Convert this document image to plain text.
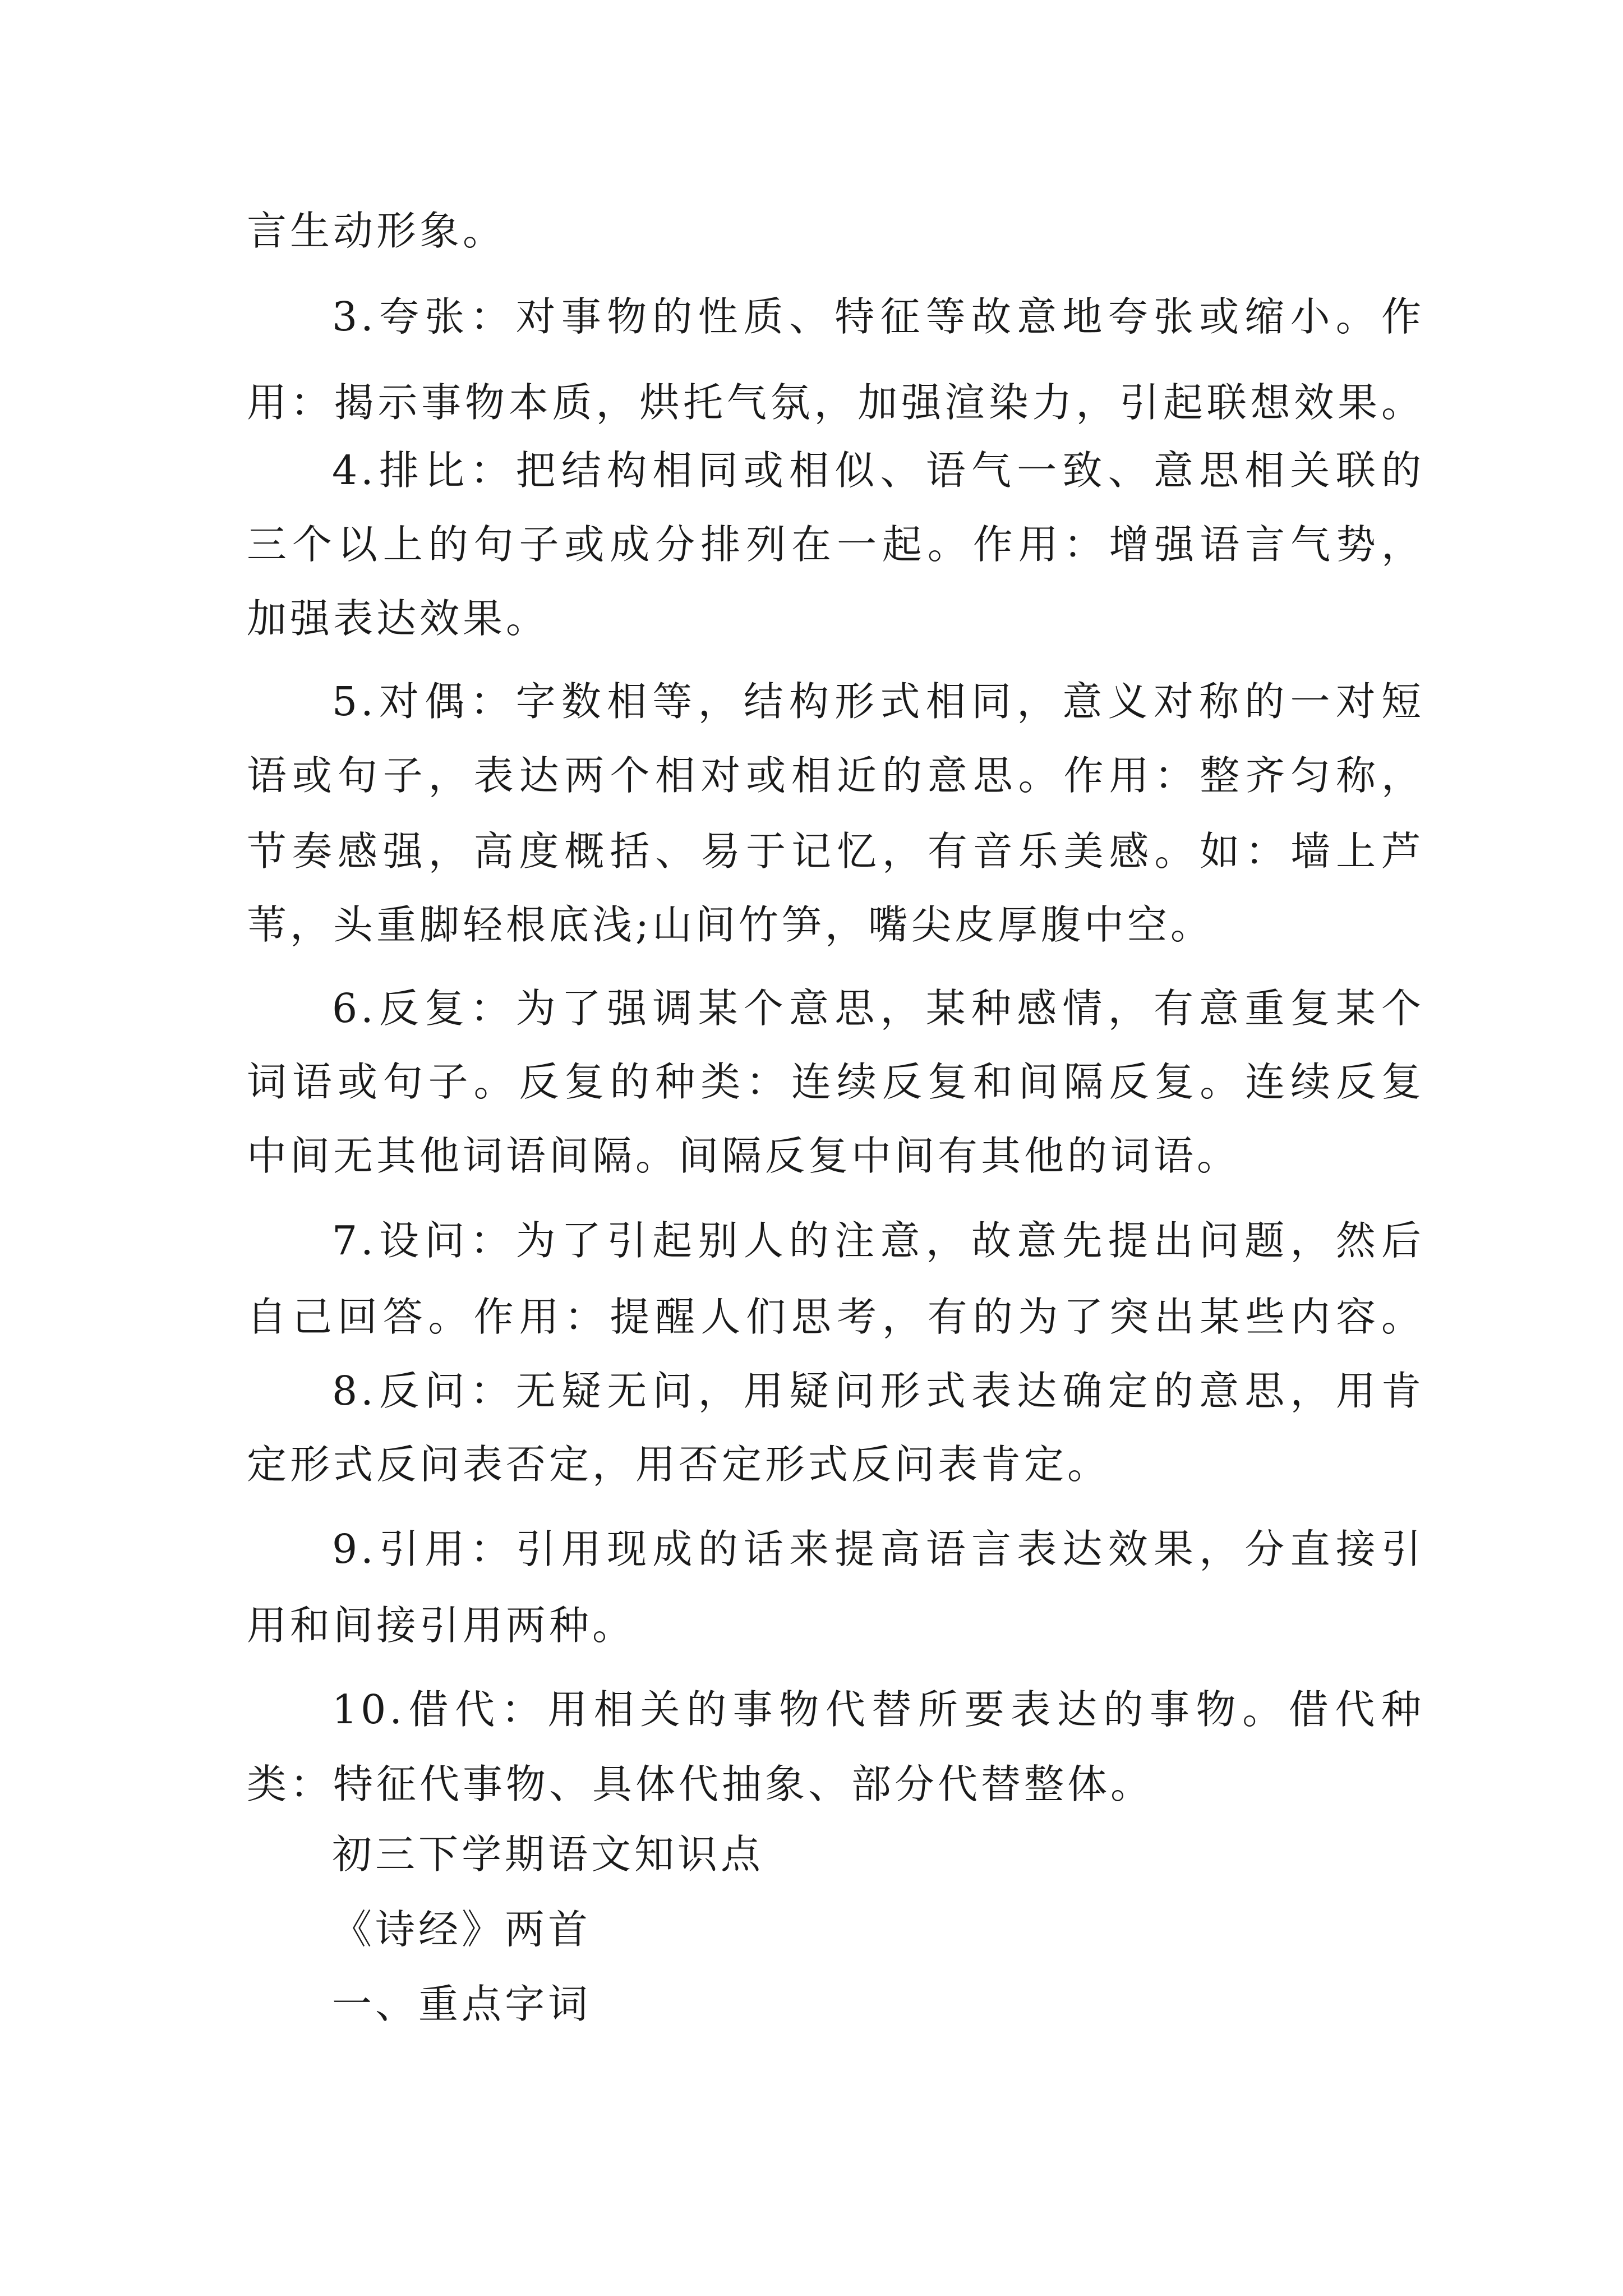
言生动形象。
3.夸张：对事物的性质、特征等故意地夸张或缩小。作
用：揭示事物本质，烘托气氛，加强渲染力，引起联想效果。
4.排比：把结构相同或相似、语气一致、意思相关联的
三个以上的句子或成分排列在一起。作用：增强语言气势，
加强表达效果。
5.对偶：字数相等，结构形式相同，意义对称的一对短
语或句子，表达两个相对或相近的意思。作用：整齐匀称，
节奏感强，高度概括、易于记忆，有音乐美感。如：墙上芦
苇，头重脚轻根底浅;山间竹笋，嘴尖皮厚腹中空。
6.反复：为了强调某个意思，某种感情，有意重复某个
词语或句子。反复的种类：连续反复和间隔反复。连续反复
中间无其他词语间隔。间隔反复中间有其他的词语。
7.设问：为了引起别人的注意，故意先提出问题，然后
自己回答。作用：提醒人们思考，有的为了突出某些内容。
8.反问：无疑无问，用疑问形式表达确定的意思，用肯
定形式反问表否定，用否定形式反问表肯定。
9.引用：引用现成的话来提高语言表达效果，分直接引
用和间接引用两种。
10.借代：用相关的事物代替所要表达的事物。借代种
类：特征代事物、具体代抽象、部分代替整体。
初三下学期语文知识点
《诗经》两首
一、重点字词
